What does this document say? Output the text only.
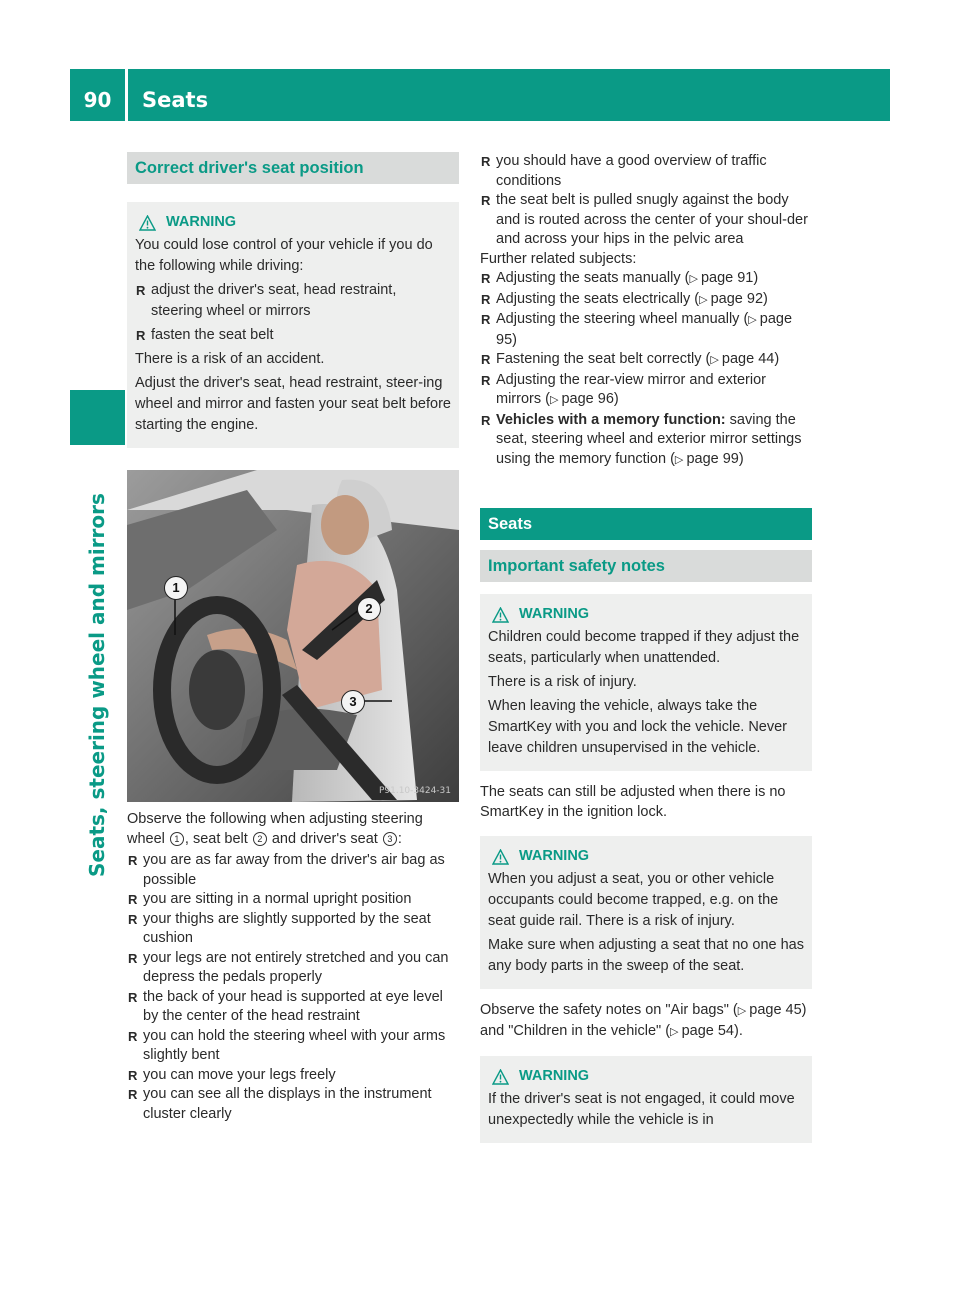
90	Seats
Seats, steering wheel and mirrors
Correct driver's seat position
WARNING

You could lose control of your vehicle if you do the following while driving:

R adjust the driver's seat, head restraint, steering wheel or mirrors
R fasten the seat belt

There is a risk of an accident.

Adjust the driver's seat, head restraint, steer-ing wheel and mirror and fasten your seat belt before starting the engine.

1
2
3
P91.10-3424-31

Observe the following when adjusting steering wheel 1 , seat belt 2 and driver's seat 3 :

R you are as far away from the driver's air bag as possible
R you are sitting in a normal upright position
R your thighs are slightly supported by the seat cushion
R your legs are not entirely stretched and you can depress the pedals properly
R the back of your head is supported at eye level by the center of the head restraint
R you can hold the steering wheel with your arms slightly bent
R you can move your legs freely
R you can see all the displays in the instrument cluster clearly
R you should have a good overview of traffic conditions
R the seat belt is pulled snugly against the body and is routed across the center of your shoul-der and across your hips in the pelvic area

Further related subjects:

R Adjusting the seats manually (▷ page 91)
R Adjusting the seats electrically (▷ page 92)
R Adjusting the steering wheel manually (▷ page 95)
R Fastening the seat belt correctly (▷ page 44)
R Adjusting the rear-view mirror and exterior mirrors (▷ page 96)
R Vehicles with a memory function: saving the seat, steering wheel and exterior mirror settings using the memory function (▷ page 99)
Seats
Important safety notes
WARNING

Children could become trapped if they adjust the seats, particularly when unattended.

There is a risk of injury.

When leaving the vehicle, always take the SmartKey with you and lock the vehicle. Never leave children unsupervised in the vehicle.

The seats can still be adjusted when there is no SmartKey in the ignition lock.
WARNING

When you adjust a seat, you or other vehicle occupants could become trapped, e.g. on the seat guide rail. There is a risk of injury.

Make sure when adjusting a seat that no one has any body parts in the sweep of the seat.

Observe the safety notes on "Air bags" (▷ page 45) and "Children in the vehicle" (▷ page 54).
WARNING

If the driver's seat is not engaged, it could move unexpectedly while the vehicle is in
